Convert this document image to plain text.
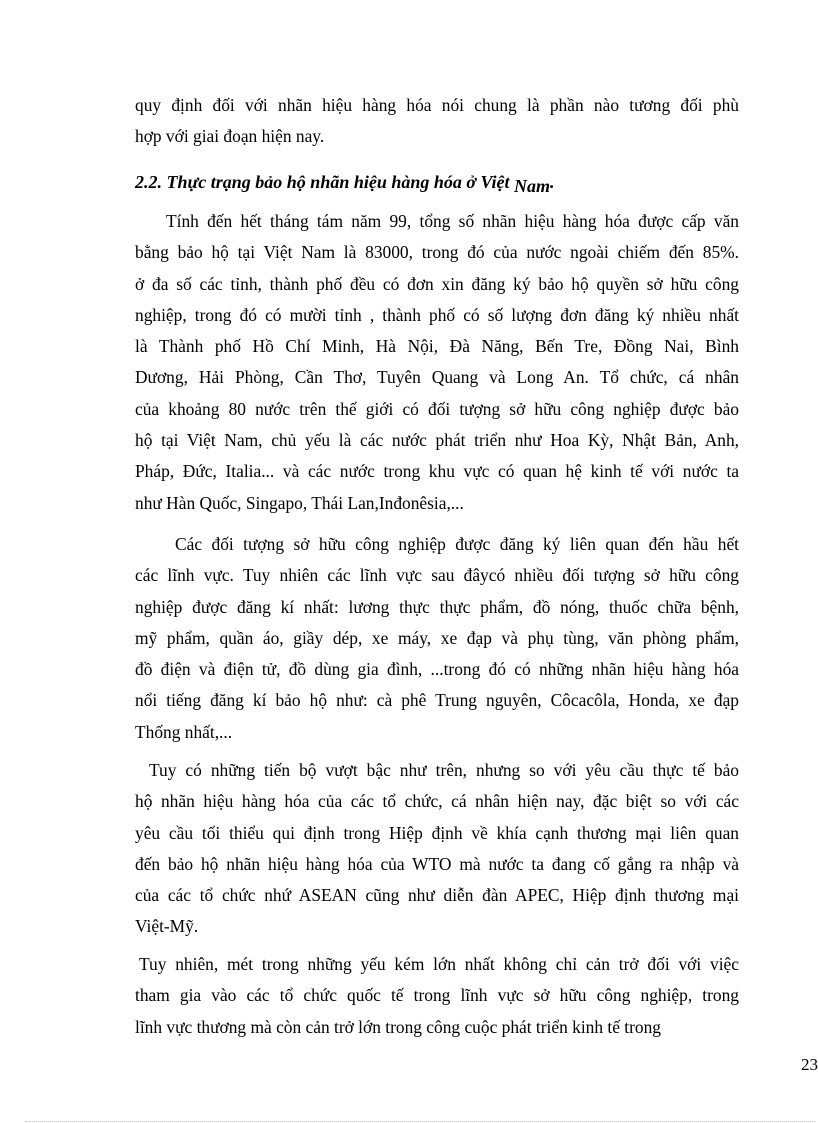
quy định đối với nhãn hiệu hàng hóa nói chung là phần nào tương đối phù
hợp với giai đoạn hiện nay.
2.2. Thực trạng bảo hộ nhãn hiệu hàng hóa ở Việt Nam.
Tính đến hết tháng tám năm 99, tổng số nhãn hiệu hàng hóa được cấp văn
bằng bảo hộ tại Việt Nam là 83000, trong đó của nước ngoài chiếm đến 85%.
ở đa số các tỉnh, thành phố đều có đơn xin đăng ký bảo hộ quyền sở hữu công
nghiệp, trong đó có mười tỉnh , thành phố có số lượng đơn đăng ký nhiều nhất
là Thành phố Hồ Chí Minh, Hà Nội, Đà Năng, Bến Tre, Đồng Nai, Bình
Dương, Hải Phòng, Cần Thơ, Tuyên Quang và Long An. Tổ chức, cá nhân
của khoảng 80 nước trên thế giới có đối tượng sở hữu công nghiệp được bảo
hộ tại Việt Nam, chủ yếu là các nước phát triển như Hoa Kỳ, Nhật Bản, Anh,
Pháp, Đức, Italia... và các nước trong khu vực có quan hệ kinh tế với nước ta
như Hàn Quốc, Singapo, Thái Lan,Inđonêsia,...
Các đối tượng sở hữu công nghiệp được đăng ký liên quan đến hầu hết
các lĩnh vực. Tuy nhiên các lĩnh vực sau đâycó nhiều đối tượng sở hữu công
nghiệp được đăng kí nhất: lương thực thực phẩm, đồ nóng, thuốc chữa bệnh,
mỹ phẩm, quần áo, giầy dép, xe máy, xe đạp và phụ tùng, văn phòng phẩm,
đồ điện và điện tử, đồ dùng gia đình, ...trong đó có những nhãn hiệu hàng hóa
nổi tiếng đăng kí bảo hộ như: cà phê Trung nguyên, Côcacôla, Honda, xe đạp
Thống nhất,...
Tuy có những tiến bộ vượt bậc như trên, nhưng so với yêu cầu thực tế bảo
hộ nhãn hiệu hàng hóa của các tổ chức, cá nhân hiện nay, đặc biệt so với các
yêu cầu tối thiểu qui định trong Hiệp định về khía cạnh thương mại liên quan
đến bảo hộ nhãn hiệu hàng hóa của WTO mà nước ta đang cố gắng ra nhập và
của các tổ chức nhứ ASEAN cũng như diễn đàn APEC, Hiệp định thương mại
Việt-Mỹ.
Tuy nhiên, mét trong những yếu kém lớn nhất không chỉ cản trở đối với việc
tham gia vào các tổ chức quốc tế trong lĩnh vực sở hữu công nghiệp, trong
lĩnh vực thương mà còn cản trở lớn trong công cuộc phát triển kinh tế trong
23
